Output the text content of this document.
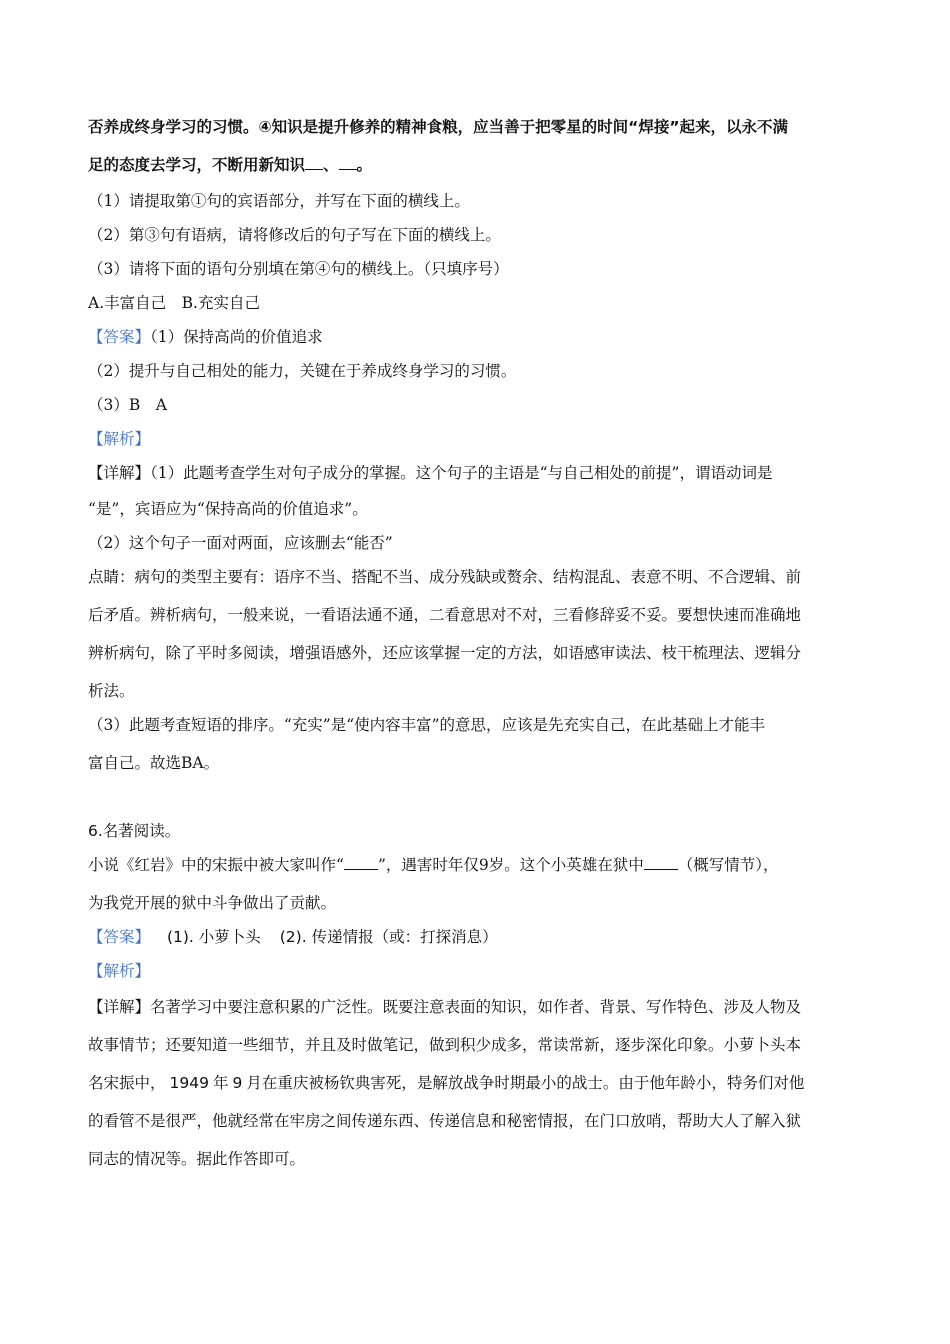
否养成终身学习的习惯。④知识是提升修养的精神食粮，应当善于把零星的时间“焊接”起来，以永不满
足的态度去学习，不断用新知识 、 。
（1）请提取第①句的宾语部分，并写在下面的横线上。
（2）第③句有语病，请将修改后的句子写在下面的横线上。
（3）请将下面的语句分别填在第④句的横线上。（只填序号）
A.丰富自己　B.充实自己
【答案】（1）保持高尚的价值追求
（2）提升与自己相处的能力，关键在于养成终身学习的习惯。
（3）B　A
【解析】
【详解】（1）此题考查学生对句子成分的掌握。这个句子的主语是“与自己相处的前提”，谓语动词是
“是”，宾语应为“保持高尚的价值追求”。
（2）这个句子一面对两面，应该删去“能否”
点睛：病句的类型主要有：语序不当、搭配不当、成分残缺或赘余、结构混乱、表意不明、不合逻辑、前
后矛盾。辨析病句，一般来说，一看语法通不通，二看意思对不对，三看修辞妥不妥。要想快速而准确地
辨析病句，除了平时多阅读，增强语感外，还应该掌握一定的方法，如语感审读法、枝干梳理法、逻辑分
析法。
（3）此题考查短语的排序。“充实”是“使内容丰富”的意思，应该是先充实自己，在此基础上才能丰
富自己。故选BA。
6.名著阅读。
小说《红岩》中的宋振中被大家叫作“ ”，遇害时年仅9岁。这个小英雄在狱中 （概写情节），
为我党开展的狱中斗争做出了贡献。
【答案】 (1). 小萝卜头 (2). 传递情报（或：打探消息）
【解析】
【详解】名著学习中要注意积累的广泛性。既要注意表面的知识，如作者、背景、写作特色、涉及人物及
故事情节；还要知道一些细节，并且及时做笔记，做到积少成多，常读常新，逐步深化印象。小萝卜头本
名宋振中， 1949 年 9 月在重庆被杨钦典害死，是解放战争时期最小的战士。由于他年龄小，特务们对他
的看管不是很严，他就经常在牢房之间传递东西、传递信息和秘密情报，在门口放哨，帮助大人了解入狱
同志的情况等。据此作答即可。
